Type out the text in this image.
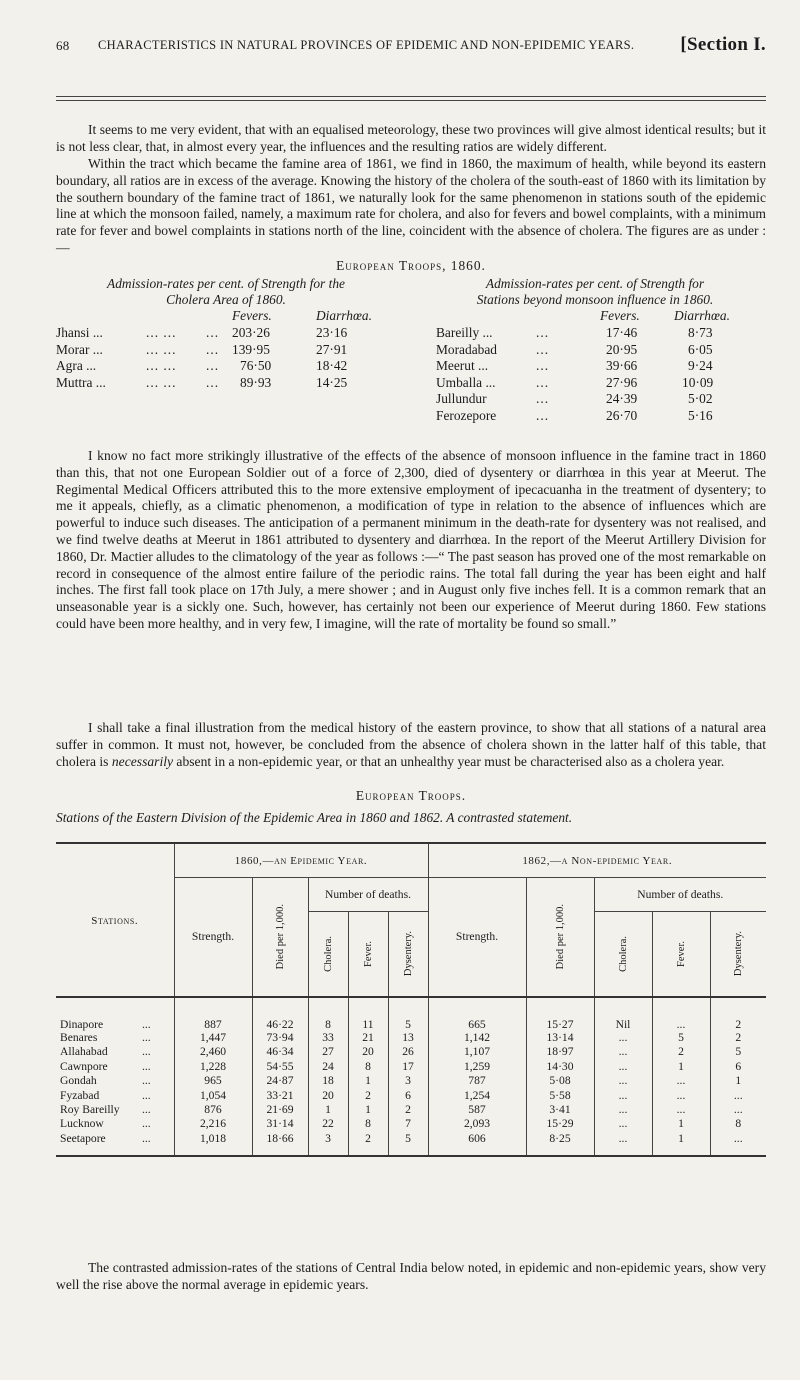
68 CHARACTERISTICS IN NATURAL PROVINCES OF EPIDEMIC AND NON-EPIDEMIC YEARS. [Section I.

It seems to me very evident, that with an equalised meteorology, these two provinces will give almost identical results; but it is not less clear, that, in almost every year, the influences and the resulting ratios are widely different.

Within the tract which became the famine area of 1861, we find in 1860, the maximum of health, while beyond its eastern boundary, all ratios are in excess of the average. Knowing the history of the cholera of the south-east of 1860 with its limitation by the southern boundary of the famine tract of 1861, we naturally look for the same phenomenon in stations south of the epidemic line at which the monsoon failed, namely, a maximum rate for cholera, and also for fevers and bowel complaints, with a minimum rate for fever and bowel complaints in stations north of the line, coincident with the absence of cholera. The figures are as under :—

European Troops, 1860.
Admission-rates per cent. of Strength for the
Cholera Area of 1860.
Fevers.	Diarrhœa.
Jhansi ...	... ... ... 203·26	23·16
Morar ...	... ... ... 139·95	27·91
Agra ...	... ... ... 76·50	18·42
Muttra ...	... ... ... 89·93	14·25
Admission-rates per cent. of Strength for
Stations beyond monsoon influence in 1860.
Fevers.	Diarrhœa.
Bareilly ...	...	17·46	8·73
Moradabad	...	20·95	6·05
Meerut ...	...	39·66	9·24
Umballa ...	...	27·96	10·09
Jullundur	...	24·39	5·02
Ferozepore	...	26·70	5·16

I know no fact more strikingly illustrative of the effects of the absence of monsoon influence in the famine tract in 1860 than this, that not one European Soldier out of a force of 2,300, died of dysentery or diarrhœa in this year at Meerut. The Regimental Medical Officers attributed this to the more extensive employment of ipecacuanha in the treatment of dysentery; to me it appeals, chiefly, as a climatic phenomenon, a modification of type in relation to the absence of influences which are powerful to induce such diseases. The anticipation of a permanent minimum in the death-rate for dysentery was not realised, and we find twelve deaths at Meerut in 1861 attributed to dysentery and diarrhœa. In the report of the Meerut Artillery Division for 1860, Dr. Mactier alludes to the climatology of the year as follows :—“ The past season has proved one of the most remarkable on record in consequence of the almost entire failure of the periodic rains. The total fall during the year has been eight and half inches. The first fall took place on 17th July, a mere shower ; and in August only five inches fell. It is a common remark that an unseasonable year is a sickly one. Such, however, has certainly not been our experience of Meerut during 1860. Few stations could have been more healthy, and in very few, I imagine, will the rate of mortality be found so small.”

I shall take a final illustration from the medical history of the eastern province, to show that all stations of a natural area suffer in common. It must not, however, be concluded from the absence of cholera shown in the latter half of this table, that cholera is necessarily absent in a non-epidemic year, or that an unhealthy year must be characterised also as a cholera year.

European Troops.
Stations of the Eastern Division of the Epidemic Area in 1860 and 1862. A contrasted statement.
Stations.	1860,—an Epidemic Year.					1862,—a Non-epidemic Year.				
	Strength.	Died per 1,000.	Number of deaths.			Strength.	Died per 1,000.	Number of deaths.		

			Cholera.	Fever.	Dysentery.			Cholera.	Fever.	Dysentery.

Dinapore ...	887	46·22	8	11	5	665	15·27	Nil	...	2
Benares ...	1,447	73·94	33	21	13	1,142	13·14	...	5	2
Allahabad ...	2,460	46·34	27	20	26	1,107	18·97	...	2	5
Cawnpore ...	1,228	54·55	24	8	17	1,259	14·30	...	1	6
Gondah ...	965	24·87	18	1	3	787	5·08	...	...	1
Fyzabad ...	1,054	33·21	20	2	6	1,254	5·58	...	...	...
Roy Bareilly ...	876	21·69	1	1	2	587	3·41	...	...	...
Lucknow ...	2,216	31·14	22	8	7	2,093	15·29	...	1	8
Seetapore ...	1,018	18·66	3	2	5	606	8·25	...	1	...

The contrasted admission-rates of the stations of Central India below noted, in epidemic and non-epidemic years, show very well the rise above the normal average in epidemic years.
